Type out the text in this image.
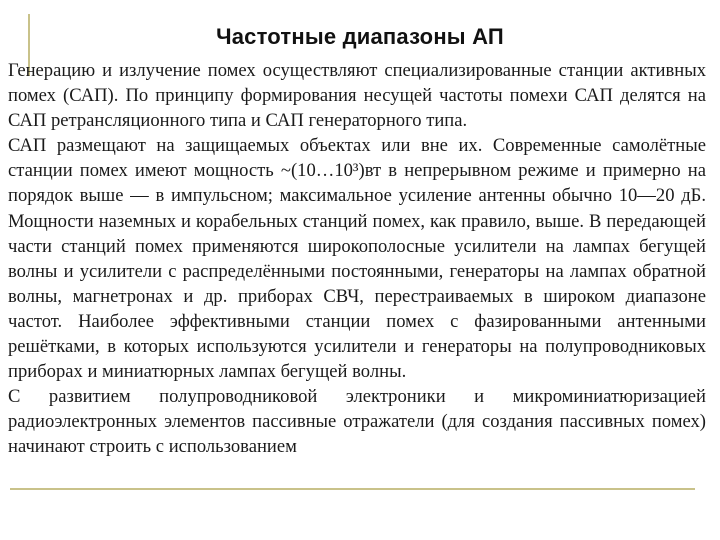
Частотные диапазоны АП

Генерацию и излучение помех осуществляют специализированные станции активных помех (САП). По принципу формирования несущей частоты помехи САП делятся на САП ретрансляционного типа и САП генераторного типа.

САП размещают на защищаемых объектах или вне их. Современные самолётные станции помех имеют мощность ~(10…10³)вт в непрерывном режиме и примерно на порядок выше — в импульсном; максимальное усиление антенны обычно 10—20 дБ. Мощности наземных и корабельных станций помех, как правило, выше. В передающей части станций помех применяются широкополосные усилители на лампах бегущей волны и усилители с распределёнными постоянными, генераторы на лампах обратной волны, магнетронах и др. приборах СВЧ, перестраиваемых в широком диапазоне частот. Наиболее эффективными станции помех с фазированными антенными решётками, в которых используются усилители и генераторы на полупроводниковых приборах и миниатюрных лампах бегущей волны.

С развитием полупроводниковой электроники и микроминиатюризацией радиоэлектронных элементов пассивные отражатели (для создания пассивных помех) начинают строить с использованием
